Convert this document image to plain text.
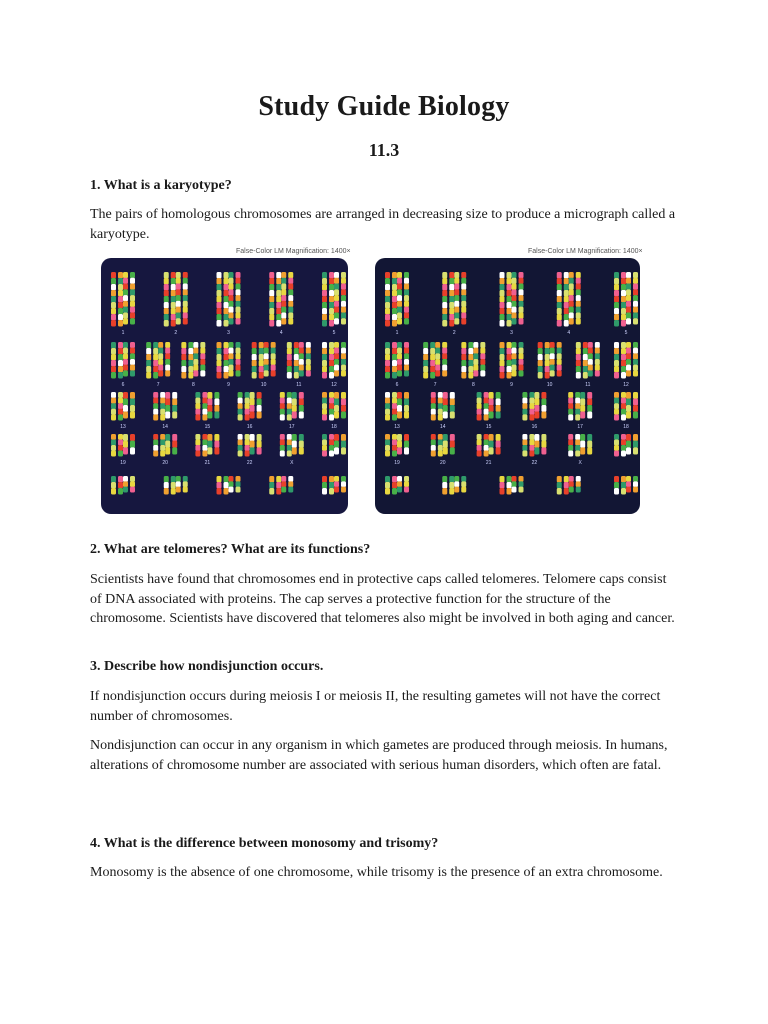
Study Guide Biology
11.3
1. What is a karyotype?
The pairs of homologous chromosomes are arranged in decreasing size to produce a micrograph called a karyotype.
False-Color LM Magnification: 1400×	False-Color LM Magnification: 1400×
1	2	3	4	5
6	7	8	9	10	11	12
13	14	15	16	17	18
19	20	21	22	X
1	2	3	4	5
6	7	8	9	10	11	12
13	14	15	16	17	18
19	20	21	22	X
2. What are telomeres? What are its functions?
Scientists have found that chromosomes end in protective caps called telomeres. Telomere caps consist of DNA associated with proteins. The cap serves a protective function for the structure of the chromosome. Scientists have discovered that telomeres also might be involved in both aging and cancer.
3. Describe how nondisjunction occurs.
If nondisjunction occurs during meiosis I or meiosis II, the resulting gametes will not have the correct number of chromosomes.
Nondisjunction can occur in any organism in which gametes are produced through meiosis. In humans, alterations of chromosome number are associated with serious human disorders, which often are fatal.
4. What is the difference between monosomy and trisomy?
Monosomy is the absence of one chromosome, while trisomy is the presence of an extra chromosome.
